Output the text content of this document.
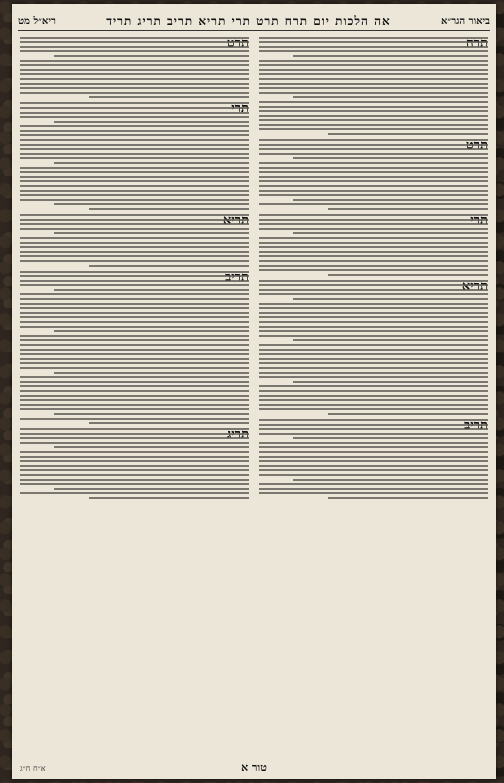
ביאור הגר״א
אה הלכות יום תרח תרט תרי תריא תריב תריג תריד
ריא״ל מט
טור א
א״ח ח״ג
